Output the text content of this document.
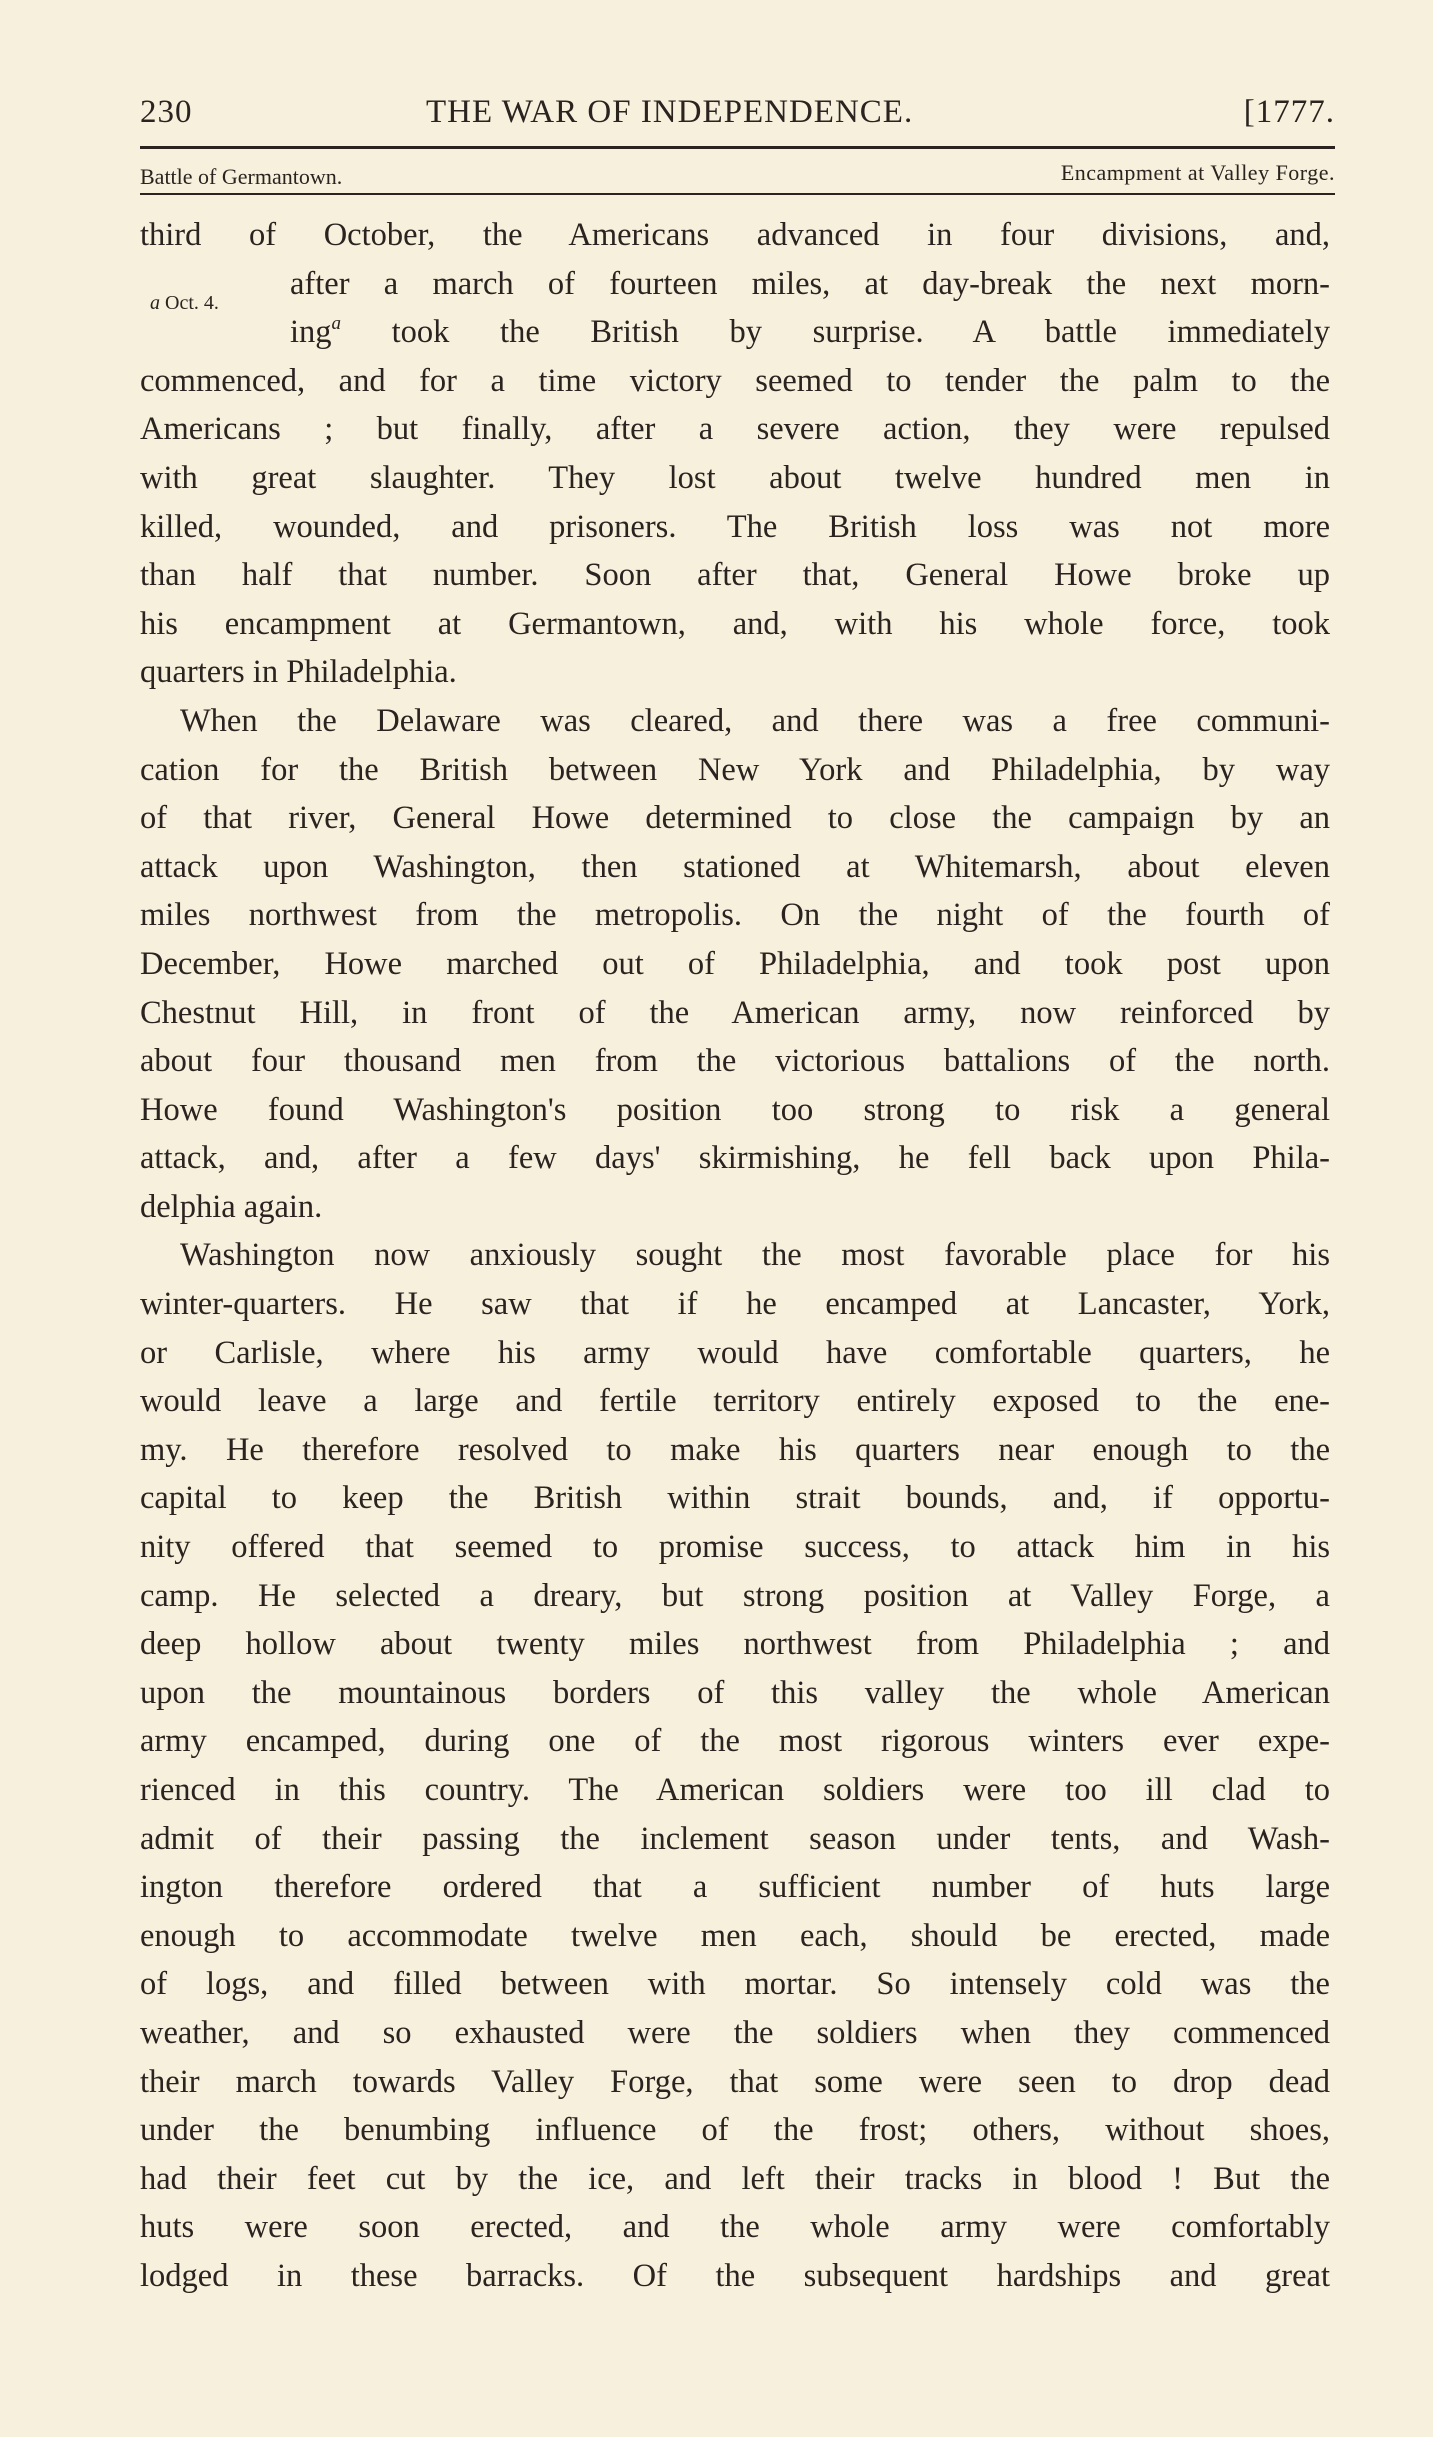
230	THE WAR OF INDEPENDENCE.	[1777.
Battle of Germantown.	Encampment at Valley Forge.
a Oct. 4.
third of October, the Americans advanced in four divisions, and,
after a march of fourteen miles, at day-break the next morn-
ing$^a$ took the British by surprise. A battle immediately
commenced, and for a time victory seemed to tender the palm to the
Americans ; but finally, after a severe action, they were repulsed
with great slaughter. They lost about twelve hundred men in
killed, wounded, and prisoners. The British loss was not more
than half that number. Soon after that, General Howe broke up
his encampment at Germantown, and, with his whole force, took
quarters in Philadelphia.
When the Delaware was cleared, and there was a free communi-
cation for the British between New York and Philadelphia, by way
of that river, General Howe determined to close the campaign by an
attack upon Washington, then stationed at Whitemarsh, about eleven
miles northwest from the metropolis. On the night of the fourth of
December, Howe marched out of Philadelphia, and took post upon
Chestnut Hill, in front of the American army, now reinforced by
about four thousand men from the victorious battalions of the north.
Howe found Washington's position too strong to risk a general
attack, and, after a few days' skirmishing, he fell back upon Phila-
delphia again.
Washington now anxiously sought the most favorable place for his
winter-quarters. He saw that if he encamped at Lancaster, York,
or Carlisle, where his army would have comfortable quarters, he
would leave a large and fertile territory entirely exposed to the ene-
my. He therefore resolved to make his quarters near enough to the
capital to keep the British within strait bounds, and, if opportu-
nity offered that seemed to promise success, to attack him in his
camp. He selected a dreary, but strong position at Valley Forge, a
deep hollow about twenty miles northwest from Philadelphia ; and
upon the mountainous borders of this valley the whole American
army encamped, during one of the most rigorous winters ever expe-
rienced in this country. The American soldiers were too ill clad to
admit of their passing the inclement season under tents, and Wash-
ington therefore ordered that a sufficient number of huts large
enough to accommodate twelve men each, should be erected, made
of logs, and filled between with mortar. So intensely cold was the
weather, and so exhausted were the soldiers when they commenced
their march towards Valley Forge, that some were seen to drop dead
under the benumbing influence of the frost; others, without shoes,
had their feet cut by the ice, and left their tracks in blood ! But the
huts were soon erected, and the whole army were comfortably
lodged in these barracks. Of the subsequent hardships and great
